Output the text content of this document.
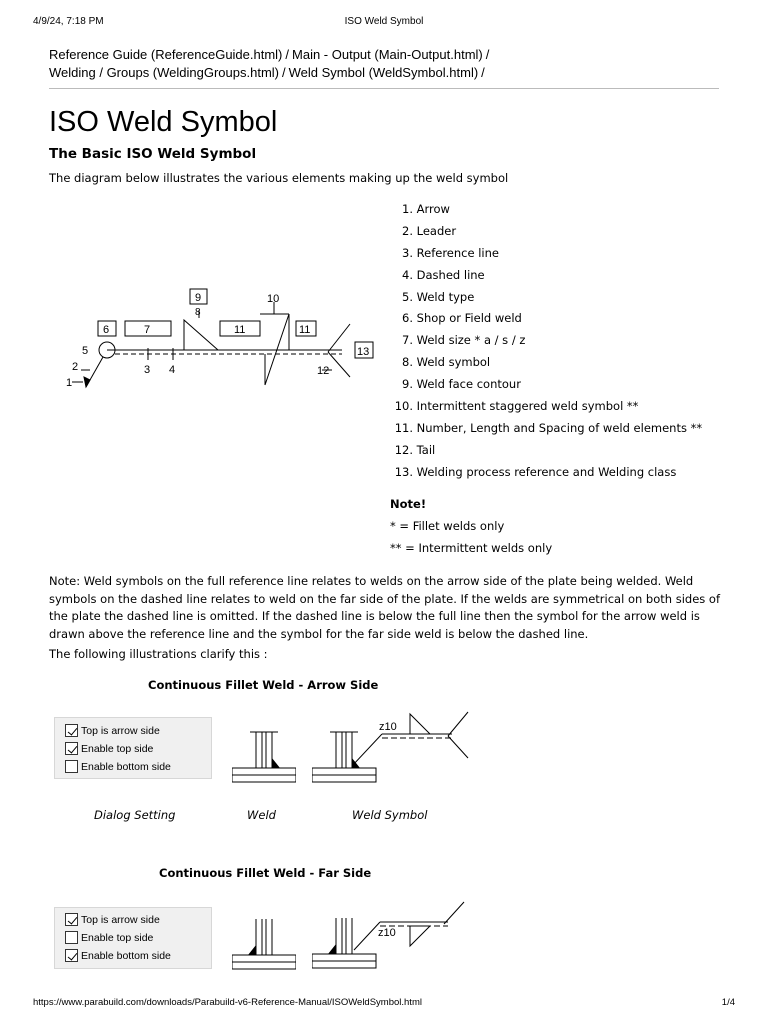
4/9/24, 7:18 PM	ISO Weld Symbol
Reference Guide (ReferenceGuide.html) / Main - Output (Main-Output.html) /
Welding / Groups (WeldingGroups.html) / Weld Symbol (WeldSymbol.html) /
ISO Weld Symbol
The Basic ISO Weld Symbol

The diagram below illustrates the various elements making up the weld symbol

1
2	3 4
5
6	7
8
9	10
11	11
12
13
1. Arrow
2. Leader
3. Reference line
4. Dashed line
5. Weld type
6. Shop or Field weld
7. Weld size * a / s / z
8. Weld symbol
9. Weld face contour
10. Intermittent staggered weld symbol **
11. Number, Length and Spacing of weld elements **
12. Tail
13. Welding process reference and Welding class
Note!
* = Fillet welds only
** = Intermittent welds only

Note: Weld symbols on the full reference line relates to welds on the arrow side of the plate being welded. Weld symbols on the dashed line relates to weld on the far side of the plate. If the welds are symmetrical on both sides of the plate the dashed line is omitted. If the dashed line is below the full line then the symbol for the arrow weld is drawn above the reference line and the symbol for the far side weld is below the dashed line.

The following illustrations clarify this :

Continuous Fillet Weld - Arrow Side
Top is arrow side
Enable top side
Enable bottom side
z10
Dialog Setting	Weld	Weld Symbol
Continuous Fillet Weld - Far Side
Top is arrow side
Enable top side
Enable bottom side
z10
https://www.parabuild.com/downloads/Parabuild-v6-Reference-Manual/ISOWeldSymbol.html	1/4
